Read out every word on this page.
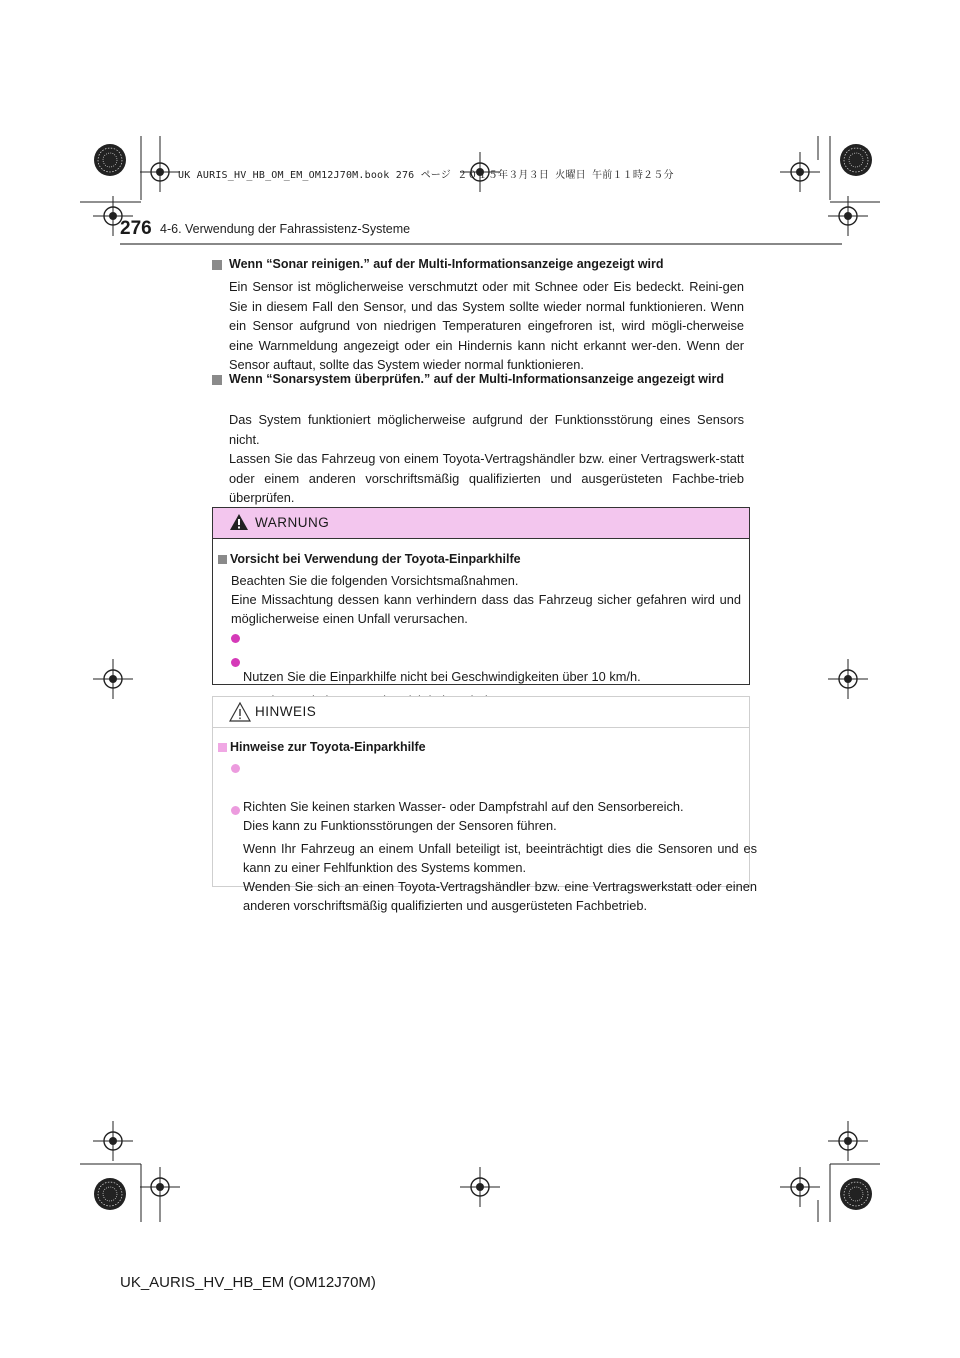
UK AURIS_HV_HB_OM_EM_OM12J70M.book 276 ページ ２０１５年３月３日 火曜日 午前１１時２５分
276 4-6. Verwendung der Fahrassistenz-Systeme
Wenn “Sonar reinigen.” auf der Multi-Informationsanzeige angezeigt wird
Ein Sensor ist möglicherweise verschmutzt oder mit Schnee oder Eis bedeckt. Reini-gen Sie in diesem Fall den Sensor, und das System sollte wieder normal funktionieren. Wenn ein Sensor aufgrund von niedrigen Temperaturen eingefroren ist, wird mögli-cherweise eine Warnmeldung angezeigt oder ein Hindernis kann nicht erkannt wer-den. Wenn der Sensor auftaut, sollte das System wieder normal funktionieren.
Wenn “Sonarsystem überprüfen.” auf der Multi-Informationsanzeige angezeigt wird
Das System funktioniert möglicherweise aufgrund der Funktionsstörung eines Sensors nicht.
Lassen Sie das Fahrzeug von einem Toyota-Vertragshändler bzw. einer Vertragswerk-statt oder einem anderen vorschriftsmäßig qualifizierten und ausgerüsteten Fachbe-trieb überprüfen.
WARNUNG
Vorsicht bei Verwendung der Toyota-Einparkhilfe
Beachten Sie die folgenden Vorsichtsmaßnahmen.
Eine Missachtung dessen kann verhindern dass das Fahrzeug sicher gefahren wird und möglicherweise einen Unfall verursachen.

Nutzen Sie die Einparkhilfe nicht bei Geschwindigkeiten über 10 km/h.

HINWEIS
Hinweise zur Toyota-Einparkhilfe

Richten Sie keinen starken Wasser- oder Dampfstrahl auf den Sensorbereich.
Dies kann zu Funktionsstörungen der Sensoren führen.

Wenn Ihr Fahrzeug an einem Unfall beteiligt ist, beeinträchtigt dies die Sensoren und es kann zu einer Fehlfunktion des Systems kommen.
Wenden Sie sich an einen Toyota-Vertragshändler bzw. eine Vertragswerkstatt oder einen anderen vorschriftsmäßig qualifizierten und ausgerüsteten Fachbetrieb.

UK_AURIS_HV_HB_EM (OM12J70M)
